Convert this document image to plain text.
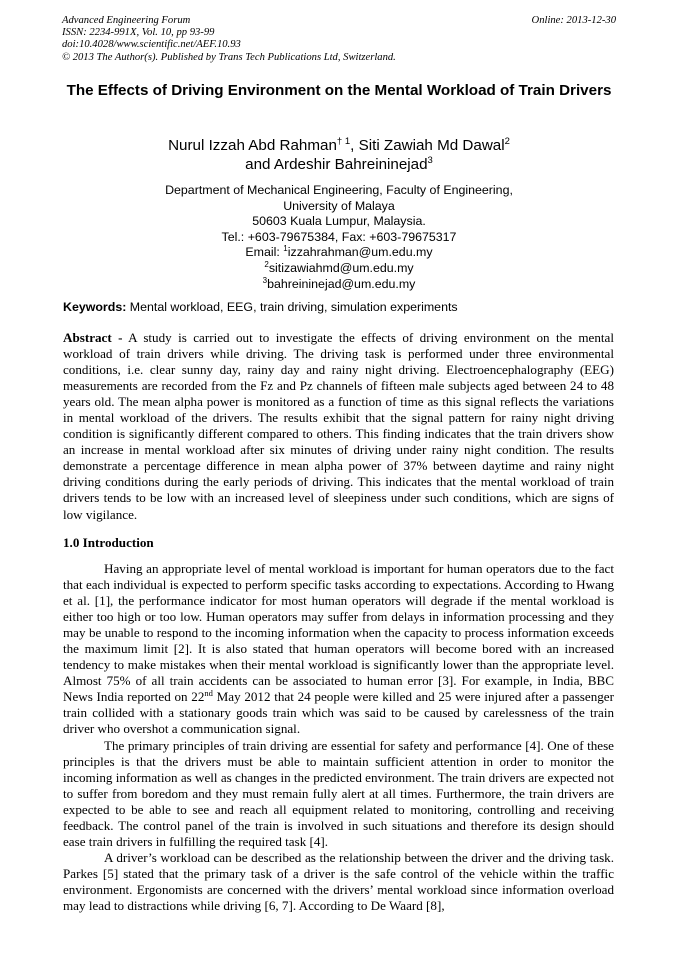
Advanced Engineering Forum
ISSN: 2234-991X, Vol. 10, pp 93-99
doi:10.4028/www.scientific.net/AEF.10.93
© 2013 The Author(s). Published by Trans Tech Publications Ltd, Switzerland.
Online: 2013-12-30
The Effects of Driving Environment on the Mental Workload of Train Drivers
Nurul Izzah Abd Rahman$^{\dagger 1}$, Siti Zawiah Md Dawal$^2$
and Ardeshir Bahreininejad$^3$
Department of Mechanical Engineering, Faculty of Engineering,
University of Malaya
50603 Kuala Lumpur, Malaysia.
Tel.: +603-79675384, Fax: +603-79675317
Email: $^1$izzahrahman@um.edu.my
$^2$sitizawiahmd@um.edu.my
$^3$bahreininejad@um.edu.my
Keywords: Mental workload, EEG, train driving, simulation experiments
Abstract - A study is carried out to investigate the effects of driving environment on the mental workload of train drivers while driving. The driving task is performed under three environmental conditions, i.e. clear sunny day, rainy day and rainy night driving. Electroencephalography (EEG) measurements are recorded from the Fz and Pz channels of fifteen male subjects aged between 24 to 48 years old. The mean alpha power is monitored as a function of time as this signal reflects the variations in mental workload of the drivers. The results exhibit that the signal pattern for rainy night driving condition is significantly different compared to others. This finding indicates that the train drivers show an increase in mental workload after six minutes of driving under rainy night condition. The results demonstrate a percentage difference in mean alpha power of 37% between daytime and rainy night driving conditions during the early periods of driving. This indicates that the mental workload of train drivers tends to be low with an increased level of sleepiness under such conditions, which are signs of low vigilance.
1.0 Introduction

Having an appropriate level of mental workload is important for human operators due to the fact that each individual is expected to perform specific tasks according to expectations. According to Hwang et al. [1], the performance indicator for most human operators will degrade if the mental workload is either too high or too low. Human operators may suffer from delays in information processing and they may be unable to respond to the incoming information when the capacity to process information exceeds the maximum limit [2]. It is also stated that human operators will become bored with an increased tendency to make mistakes when their mental workload is significantly lower than the appropriate level. Almost 75% of all train accidents can be associated to human error [3]. For example, in India, BBC News India reported on 22nd May 2012 that 24 people were killed and 25 were injured after a passenger train collided with a stationary goods train which was said to be caused by carelessness of the train driver who overshot a communication signal.

The primary principles of train driving are essential for safety and performance [4]. One of these principles is that the drivers must be able to maintain sufficient attention in order to monitor the incoming information as well as changes in the predicted environment. The train drivers are expected not to suffer from boredom and they must remain fully alert at all times. Furthermore, the train drivers are expected to be able to see and reach all equipment related to monitoring, controlling and receiving feedback. The control panel of the train is involved in such situations and therefore its design should ease train drivers in fulfilling the required task [4].

A driver’s workload can be described as the relationship between the driver and the driving task. Parkes [5] stated that the primary task of a driver is the safe control of the vehicle within the traffic environment. Ergonomists are concerned with the drivers’ mental workload since information overload may lead to distractions while driving [6, 7]. According to De Waard [8],
